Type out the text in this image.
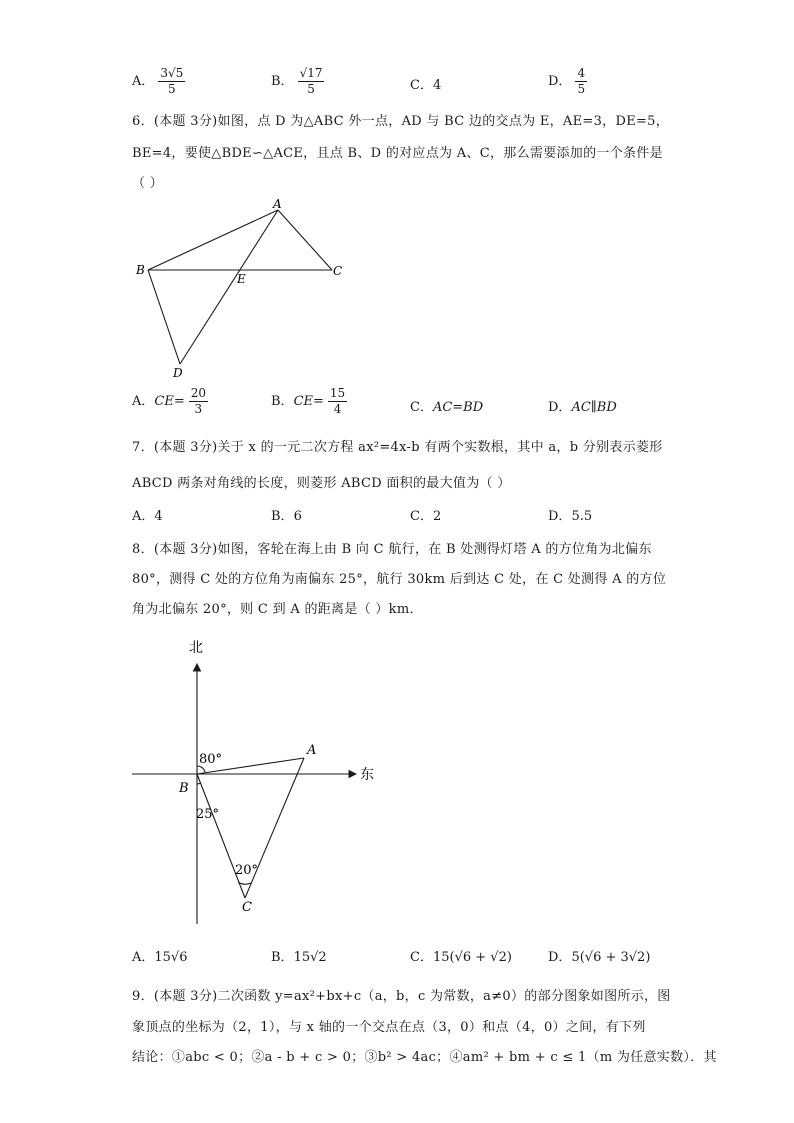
A． $\frac{3√5}{5}$	B． $\frac{√17}{5}$	C．4	D． $\frac{4}{5}$
6．(本题 3分)如图，点 D 为△ABC 外一点，AD 与 BC 边的交点为 E，AE=3，DE=5，
BE=4，要使△BDE∽△ACE，且点 B、D 的对应点为 A、C，那么需要添加的一个条件是
（ ）
A
B	C
D
E
A．$CE= \frac{20}{3}$	B．$CE= \frac{15}{4}$	C．AC=BD	D．AC∥BD
7．(本题 3分)关于 x 的一元二次方程 ax²=4x-b 有两个实数根，其中 a，b 分别表示菱形
ABCD 两条对角线的长度，则菱形 ABCD 面积的最大值为（ ）
A．4	B．6	C．2	D．5.5
8．(本题 3分)如图，客轮在海上由 B 向 C 航行，在 B 处测得灯塔 A 的方位角为北偏东
80°，测得 C 处的方位角为南偏东 25°，航行 30km 后到达 C 处，在 C 处测得 A 的方位
角为北偏东 20°，则 C 到 A 的距离是（ ）km．
北
东
A
B
C
80°
25°
20°
A．15√6	B．15√2	C．15(√6 + √2)	D．5(√6 + 3√2)
9．(本题 3分)二次函数 y=ax²+bx+c（a，b，c 为常数，a≠0）的部分图象如图所示，图
象顶点的坐标为（2，1），与 x 轴的一个交点在点（3，0）和点（4，0）之间，有下列
结论：①abc < 0；②a - b + c > 0；③b² > 4ac；④am² + bm + c ≤ 1（m 为任意实数）．其
